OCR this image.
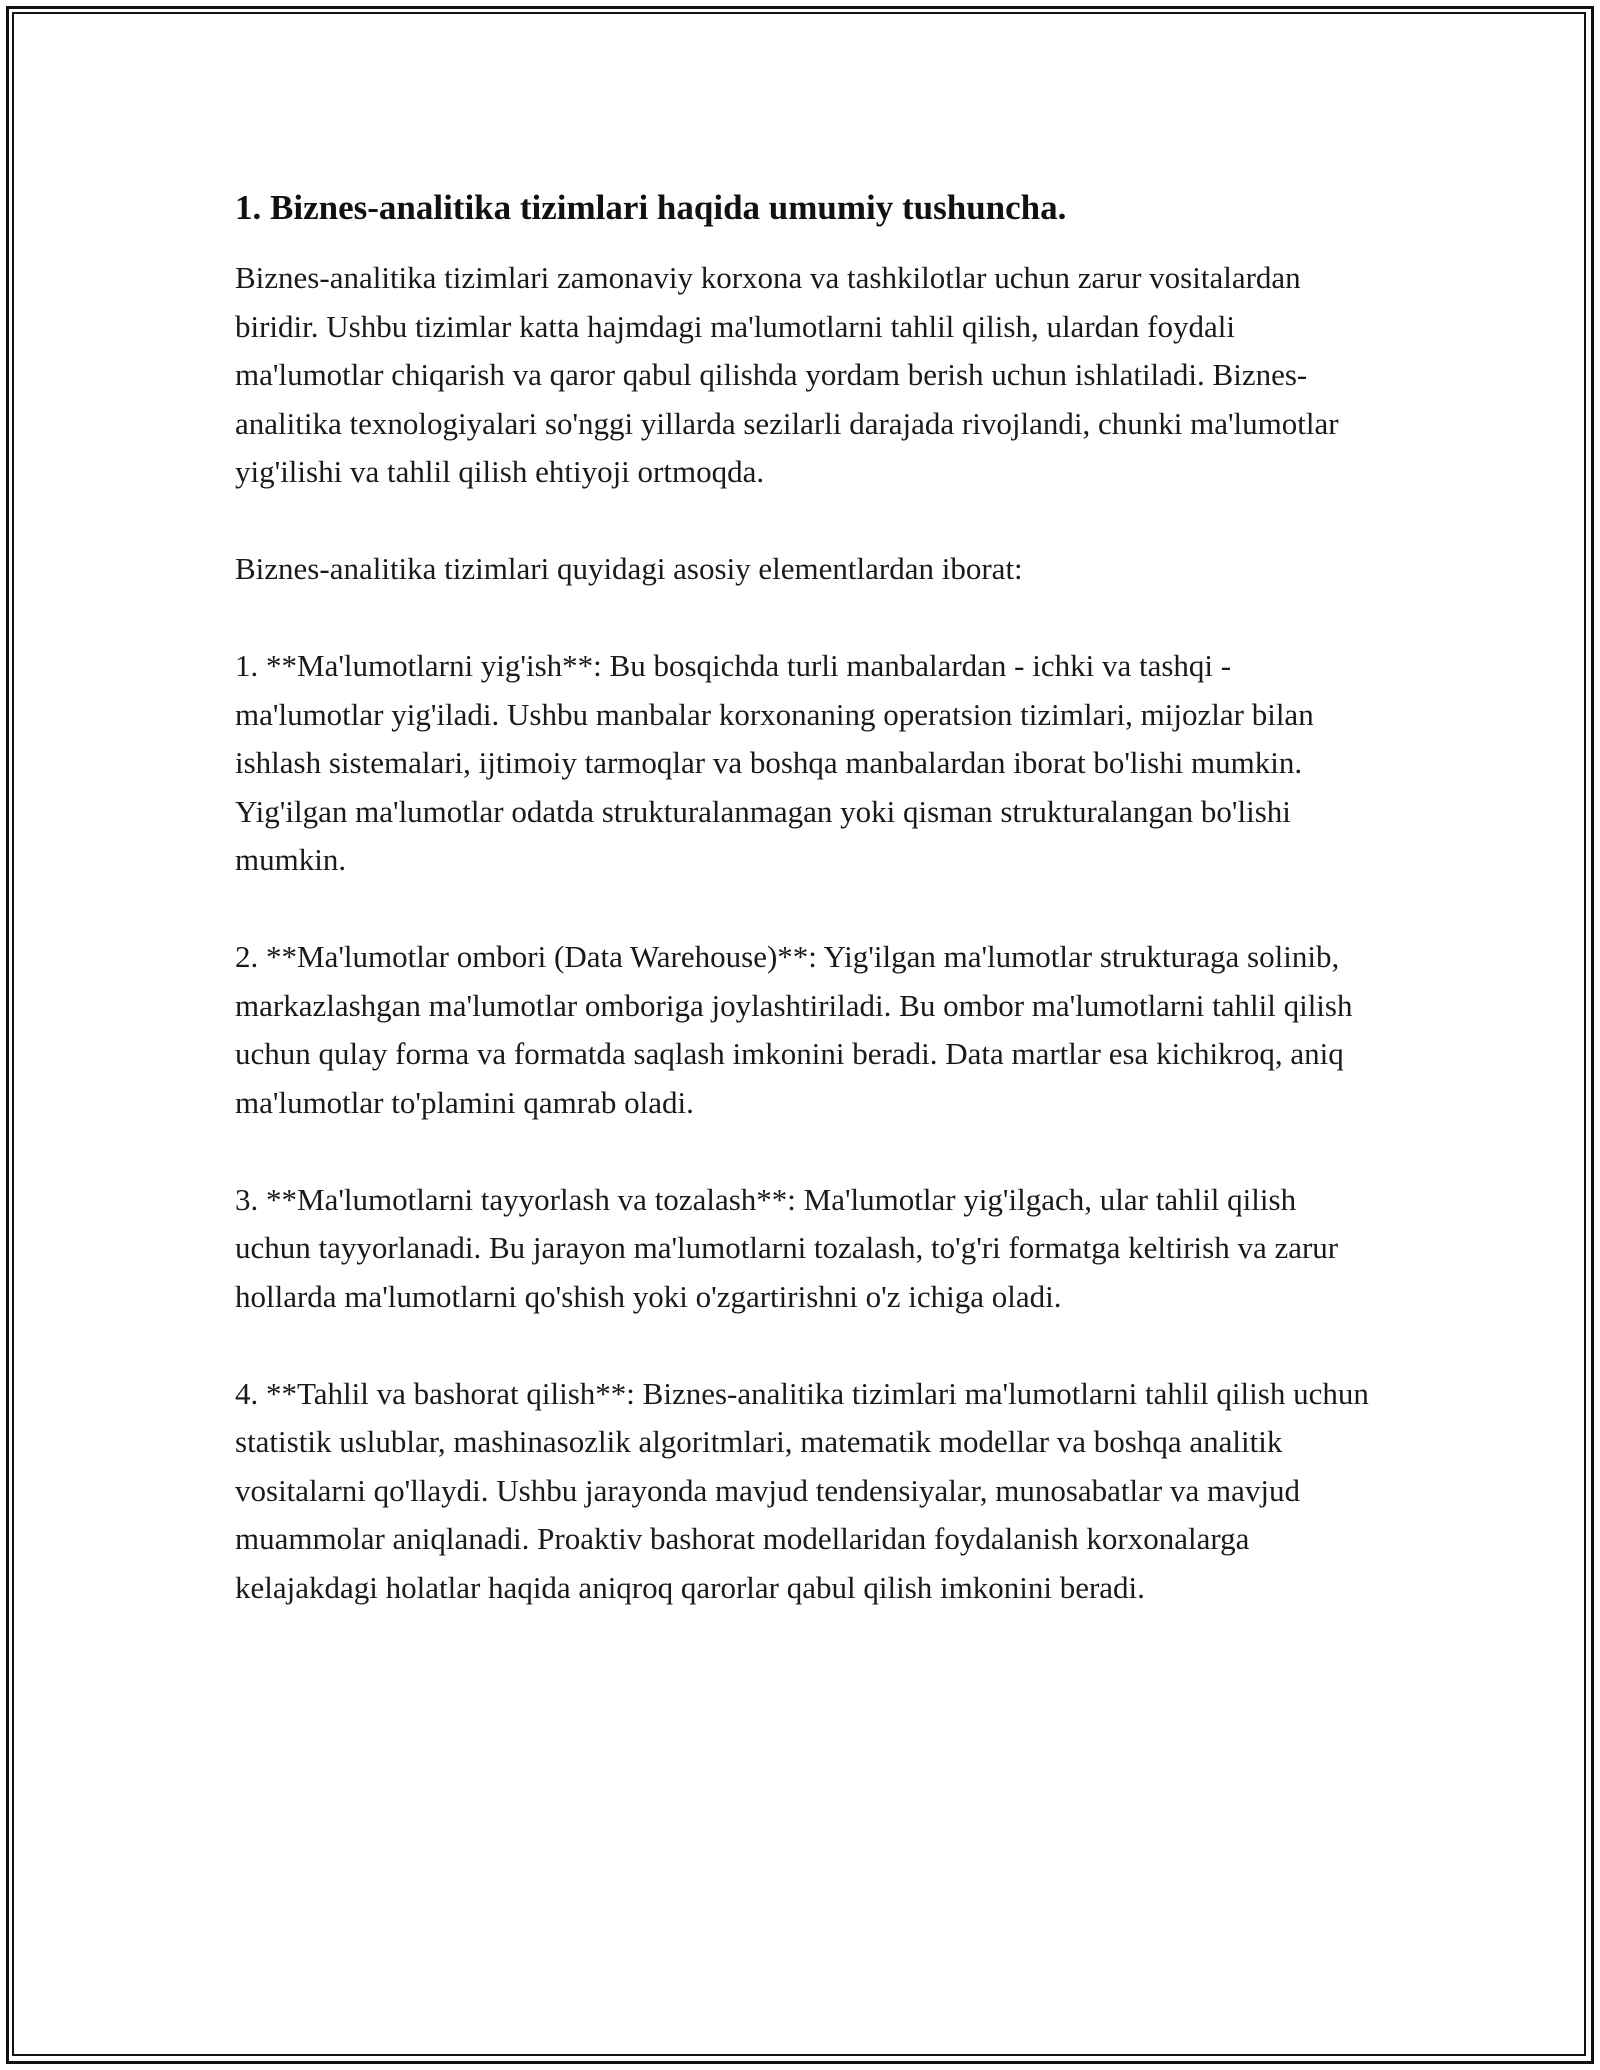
1. Biznes-analitika tizimlari haqida umumiy tushuncha.

Biznes-analitika tizimlari zamonaviy korxona va tashkilotlar uchun zarur vositalardan biridir. Ushbu tizimlar katta hajmdagi ma'lumotlarni tahlil qilish, ulardan foydali ma'lumotlar chiqarish va qaror qabul qilishda yordam berish uchun ishlatiladi. Biznes-analitika texnologiyalari so'nggi yillarda sezilarli darajada rivojlandi, chunki ma'lumotlar yig'ilishi va tahlil qilish ehtiyoji ortmoqda.

Biznes-analitika tizimlari quyidagi asosiy elementlardan iborat:

1. **Ma'lumotlarni yig'ish**: Bu bosqichda turli manbalardan - ichki va tashqi - ma'lumotlar yig'iladi. Ushbu manbalar korxonaning operatsion tizimlari, mijozlar bilan ishlash sistemalari, ijtimoiy tarmoqlar va boshqa manbalardan iborat bo'lishi mumkin. Yig'ilgan ma'lumotlar odatda strukturalanmagan yoki qisman strukturalangan bo'lishi mumkin.

2. **Ma'lumotlar ombori (Data Warehouse)**: Yig'ilgan ma'lumotlar strukturaga solinib, markazlashgan ma'lumotlar omboriga joylashtiriladi. Bu ombor ma'lumotlarni tahlil qilish uchun qulay forma va formatda saqlash imkonini beradi. Data martlar esa kichikroq, aniq ma'lumotlar to'plamini qamrab oladi.

3. **Ma'lumotlarni tayyorlash va tozalash**: Ma'lumotlar yig'ilgach, ular tahlil qilish uchun tayyorlanadi. Bu jarayon ma'lumotlarni tozalash, to'g'ri formatga keltirish va zarur hollarda ma'lumotlarni qo'shish yoki o'zgartirishni o'z ichiga oladi.

4. **Tahlil va bashorat qilish**: Biznes-analitika tizimlari ma'lumotlarni tahlil qilish uchun statistik uslublar, mashinasozlik algoritmlari, matematik modellar va boshqa analitik vositalarni qo'llaydi. Ushbu jarayonda mavjud tendensiyalar, munosabatlar va mavjud muammolar aniqlanadi. Proaktiv bashorat modellaridan foydalanish korxonalarga kelajakdagi holatlar haqida aniqroq qarorlar qabul qilish imkonini beradi.
